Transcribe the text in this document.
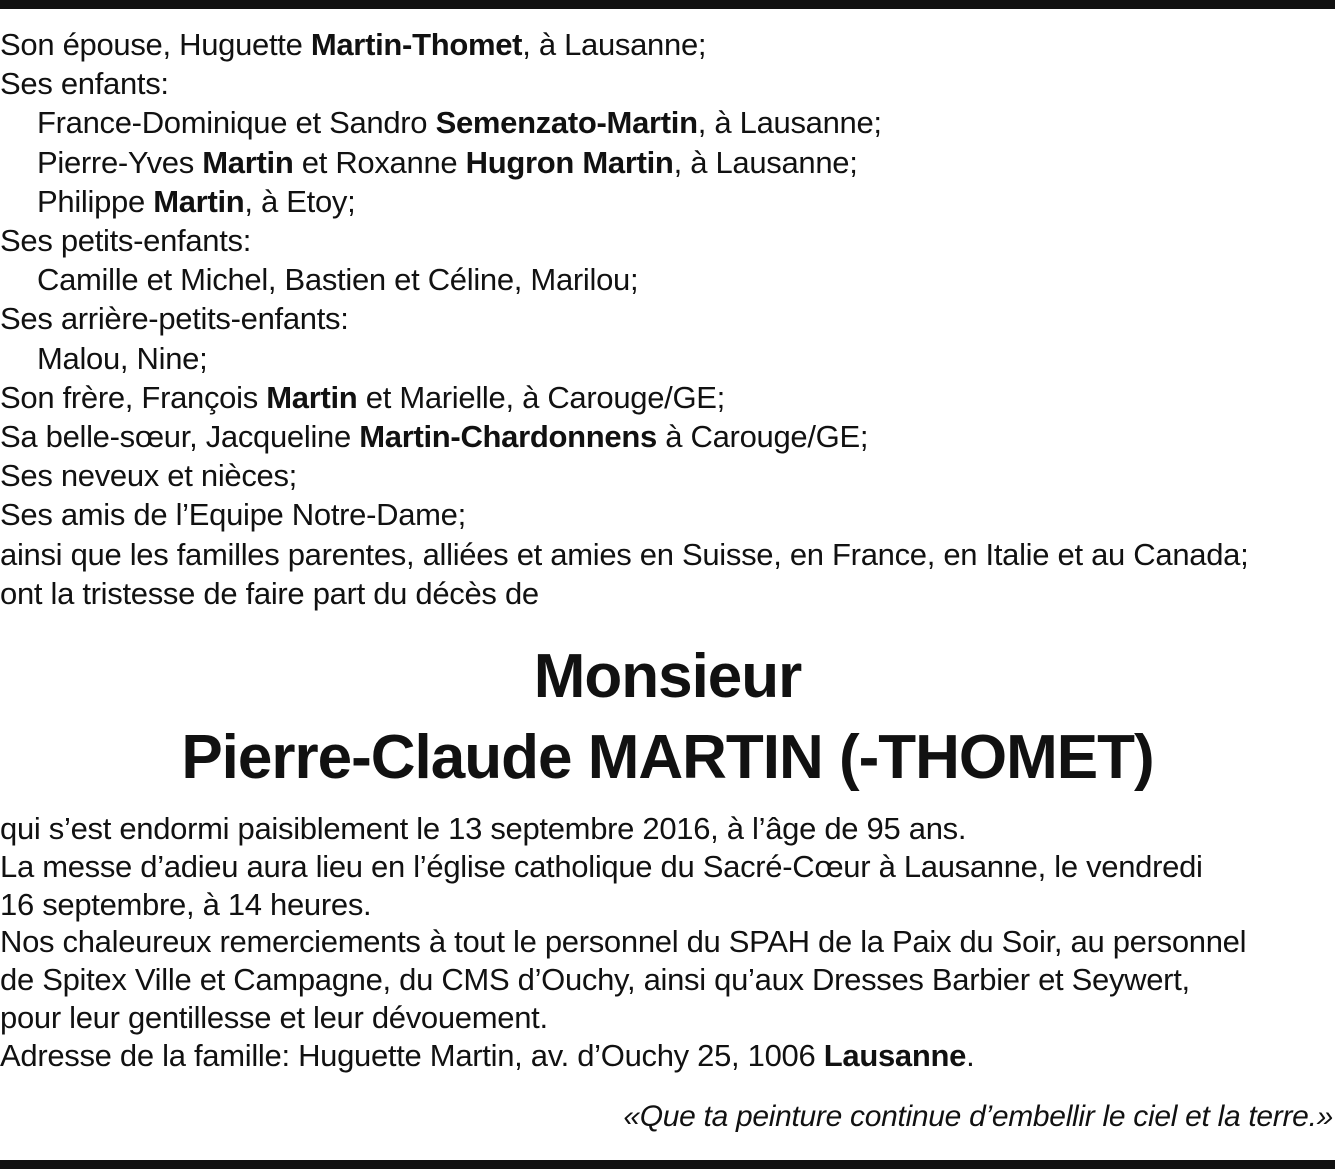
Son épouse, Huguette Martin-Thomet, à Lausanne;
Ses enfants:
France-Dominique et Sandro Semenzato-Martin, à Lausanne;
Pierre-Yves Martin et Roxanne Hugron Martin, à Lausanne;
Philippe Martin, à Etoy;
Ses petits-enfants:
Camille et Michel, Bastien et Céline, Marilou;
Ses arrière-petits-enfants:
Malou, Nine;
Son frère, François Martin et Marielle, à Carouge/GE;
Sa belle-sœur, Jacqueline Martin-Chardonnens à Carouge/GE;
Ses neveux et nièces;
Ses amis de l’Equipe Notre-Dame;
ainsi que les familles parentes, alliées et amies en Suisse, en France, en Italie et au Canada;
ont la tristesse de faire part du décès de
Monsieur
Pierre-Claude MARTIN (-THOMET)
qui s’est endormi paisiblement le 13 septembre 2016, à l’âge de 95 ans.
La messe d’adieu aura lieu en l’église catholique du Sacré-Cœur à Lausanne, le vendredi
16 septembre, à 14 heures.
Nos chaleureux remerciements à tout le personnel du SPAH de la Paix du Soir, au personnel
de Spitex Ville et Campagne, du CMS d’Ouchy, ainsi qu’aux Dresses Barbier et Seywert,
pour leur gentillesse et leur dévouement.
Adresse de la famille: Huguette Martin, av. d’Ouchy 25, 1006 Lausanne.
«Que ta peinture continue d’embellir le ciel et la terre.»
